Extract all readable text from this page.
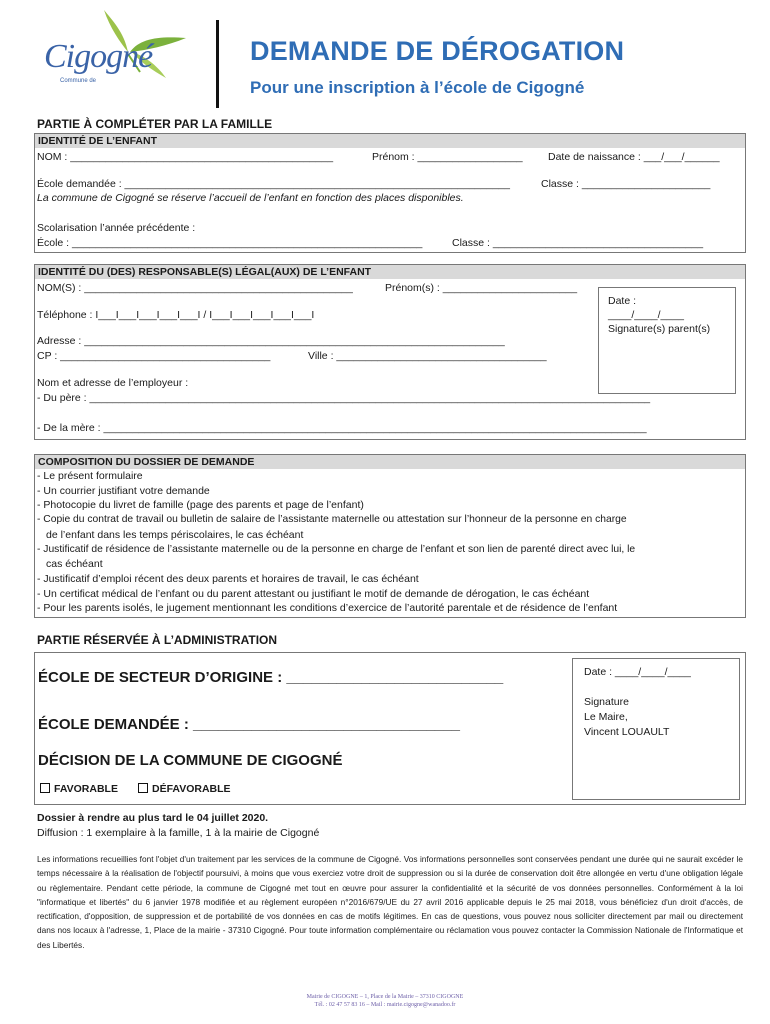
Cigogné
Commune de
DEMANDE DE DÉROGATION
Pour une inscription à l’école de Cigogné
PARTIE À COMPLÉTER PAR LA FAMILLE
IDENTITÉ DE L’ENFANT
NOM : _____________________________________________	Prénom : __________________ Date de naissance : ___/___/______
École demandée : __________________________________________________________________	Classe : ______________________
La commune de Cigogné se réserve l’accueil de l’enfant en fonction des places disponibles.
Scolarisation l’année précédente :
École : ____________________________________________________________	Classe : ____________________________________
IDENTITÉ DU (DES) RESPONSABLE(S) LÉGAL(AUX) DE L’ENFANT
NOM(S) : ______________________________________________	Prénom(s) : _______________________
Téléphone : I___I___I___I___I___I / I___I___I___I___I___I
Adresse : ________________________________________________________________________
CP : ____________________________________	Ville : ____________________________________
Nom et adresse de l’employeur :
- Du père : ________________________________________________________________________________________________
- De la mère : _____________________________________________________________________________________________
Date :
____/____/____
Signature(s) parent(s)
COMPOSITION DU DOSSIER DE DEMANDE
- Le présent formulaire
- Un courrier justifiant votre demande
- Photocopie du livret de famille (page des parents et page de l’enfant)
- Copie du contrat de travail ou bulletin de salaire de l’assistante maternelle ou attestation sur l’honneur de la personne en charge
de l’enfant dans les temps périscolaires, le cas échéant
- Justificatif de résidence de l’assistante maternelle ou de la personne en charge de l’enfant et son lien de parenté direct avec lui, le
cas échéant
- Justificatif d’emploi récent des deux parents et horaires de travail, le cas échéant
- Un certificat médical de l’enfant ou du parent attestant ou justifiant le motif de demande de dérogation, le cas échéant
- Pour les parents isolés, le jugement mentionnant les conditions d’exercice de l’autorité parentale et de résidence de l’enfant
PARTIE RÉSERVÉE À L’ADMINISTRATION
ÉCOLE DE SECTEUR D’ORIGINE : __________________________
ÉCOLE DEMANDÉE : ________________________________
DÉCISION DE LA COMMUNE DE CIGOGNÉ
FAVORABLE	DÉFAVORABLE
Date : ____/____/____
Signature
Le Maire,
Vincent LOUAULT
Dossier à rendre au plus tard le 04 juillet 2020.
Diffusion : 1 exemplaire à la famille, 1 à la mairie de Cigogné
Les informations recueillies font l'objet d'un traitement par les services de la commune de Cigogné. Vos informations personnelles sont conservées pendant une durée qui ne saurait excéder le temps nécessaire à la réalisation de l'objectif poursuivi, à moins que vous exerciez votre droit de suppression ou si la durée de conservation doit être allongée en vertu d'une obligation légale ou règlementaire. Pendant cette période, la commune de Cigogné met tout en œuvre pour assurer la confidentialité et la sécurité de vos données personnelles. Conformément à la loi "informatique et libertés" du 6 janvier 1978 modifiée et au règlement européen n°2016/679/UE du 27 avril 2016 applicable depuis le 25 mai 2018, vous bénéficiez d'un droit d'accès, de rectification, d'opposition, de suppression et de portabilité de vos données en cas de motifs légitimes. En cas de questions, vous pouvez nous solliciter directement par mail ou directement dans nos locaux à l'adresse, 1, Place de la mairie - 37310 Cigogné. Pour toute information complémentaire ou réclamation vous pouvez contacter la Commission Nationale de l'Informatique et des Libertés.
Mairie de CIGOGNE – 1, Place de la Mairie – 37310 CIGOGNE
Tél. : 02 47 57 83 16 – Mail : mairie.cigogne@wanadoo.fr
